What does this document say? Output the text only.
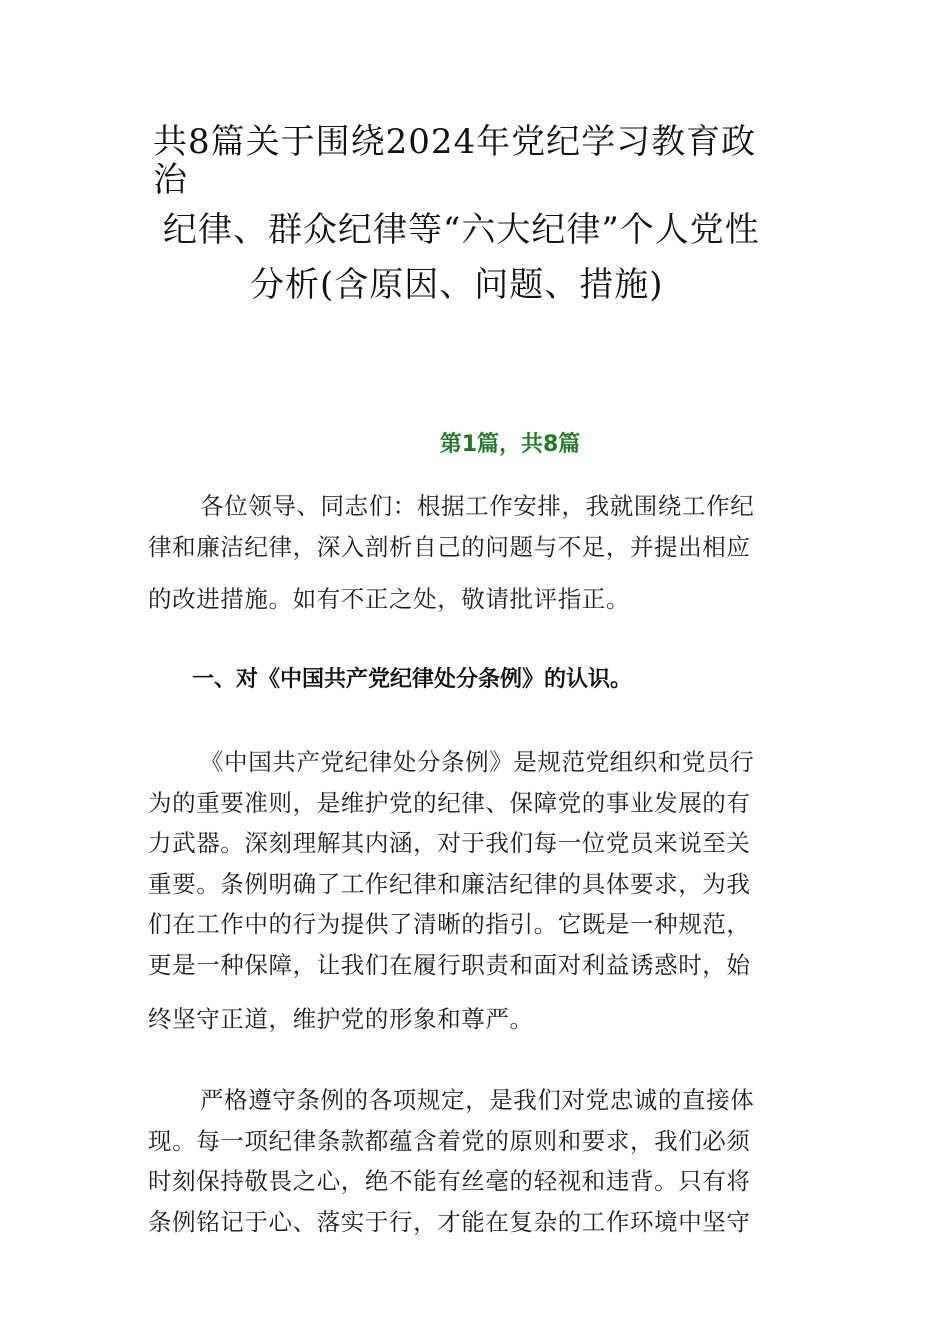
共8篇关于围绕2024年党纪学习教育政
治
纪律、群众纪律等“六大纪律”个人党性
分析(含原因、问题、措施)
第1篇，共8篇
各位领导、同志们：根据工作安排，我就围绕工作纪
律和廉洁纪律，深入剖析自己的问题与不足，并提出相应
的改进措施。如有不正之处，敬请批评指正。
一、对《中国共产党纪律处分条例》的认识。
《中国共产党纪律处分条例》是规范党组织和党员行
为的重要准则，是维护党的纪律、保障党的事业发展的有
力武器。深刻理解其内涵，对于我们每一位党员来说至关
重要。条例明确了工作纪律和廉洁纪律的具体要求，为我
们在工作中的行为提供了清晰的指引。它既是一种规范，
更是一种保障，让我们在履行职责和面对利益诱惑时，始
终坚守正道，维护党的形象和尊严。
严格遵守条例的各项规定，是我们对党忠诚的直接体
现。每一项纪律条款都蕴含着党的原则和要求，我们必须
时刻保持敬畏之心，绝不能有丝毫的轻视和违背。只有将
条例铭记于心、落实于行，才能在复杂的工作环境中坚守
